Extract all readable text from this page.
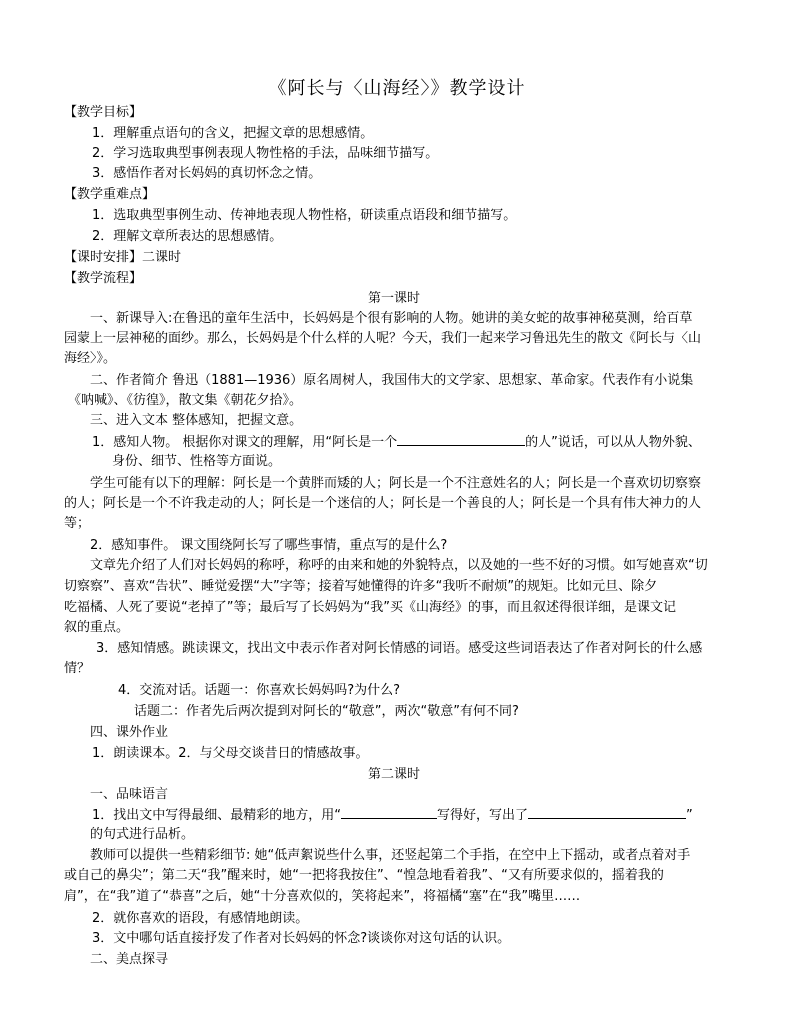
《阿长与〈山海经〉》教学设计
【教学目标】
1．理解重点语句的含义，把握文章的思想感情。
2．学习选取典型事例表现人物性格的手法，品味细节描写。
3．感悟作者对长妈妈的真切怀念之情。
【教学重难点】
1．选取典型事例生动、传神地表现人物性格，研读重点语段和细节描写。
2．理解文章所表达的思想感情。
【课时安排】二课时
【教学流程】
第一课时
一、新课导入:在鲁迅的童年生活中，长妈妈是个很有影响的人物。她讲的美女蛇的故事神秘莫测，给百草
园蒙上一层神秘的面纱。那么，长妈妈是个什么样的人呢？今天，我们一起来学习鲁迅先生的散文《阿长与〈山
海经〉》。
二、作者简介 鲁迅（1881—1936）原名周树人，我国伟大的文学家、思想家、革命家。代表作有小说集
《呐喊》、《彷徨》，散文集《朝花夕拾》。
三、进入文本 整体感知，把握文意。
1．感知人物。 根据你对课文的理解，用“阿长是一个	的人”说话，可以从人物外貌、
身份、细节、性格等方面说。
学生可能有以下的理解：阿长是一个黄胖而矮的人；阿长是一个不注意姓名的人；阿长是一个喜欢切切察察
的人；阿长是一个不许我走动的人；阿长是一个迷信的人；阿长是一个善良的人；阿长是一个具有伟大神力的人
等；
2．感知事件。 课文围绕阿长写了哪些事情，重点写的是什么?
文章先介绍了人们对长妈妈的称呼，称呼的由来和她的外貌特点，以及她的一些不好的习惯。如写她喜欢“切
切察察”、喜欢“告状”、睡觉爱摆“大”字等；接着写她懂得的许多“我听不耐烦”的规矩。比如元旦、除夕
吃福橘、人死了要说“老掉了”等；最后写了长妈妈为“我”买《山海经》的事，而且叙述得很详细，是课文记
叙的重点。
3．感知情感。跳读课文，找出文中表示作者对阿长情感的词语。感受这些词语表达了作者对阿长的什么感
情？
4．交流对话。话题一：你喜欢长妈妈吗?为什么?
话题二：作者先后两次提到对阿长的“敬意”，两次“敬意”有何不同?
四、课外作业
1．朗读课本。2．与父母交谈昔日的情感故事。
第二课时
一、品味语言
1．找出文中写得最细、最精彩的地方，用“	写得好，写出了	”
的句式进行品析。
教师可以提供一些精彩细节: 她“低声絮说些什么事，还竖起第二个手指，在空中上下摇动，或者点着对手
或自己的鼻尖”；第二天“我”醒来时，她“一把将我按住”、“惶急地看着我”、“又有所要求似的，摇着我的
肩”，在“我”道了“恭喜”之后，她“十分喜欢似的，笑将起来”，将福橘“塞”在“我”嘴里……
2．就你喜欢的语段，有感情地朗读。
3．文中哪句话直接抒发了作者对长妈妈的怀念?谈谈你对这句话的认识。
二、美点探寻
